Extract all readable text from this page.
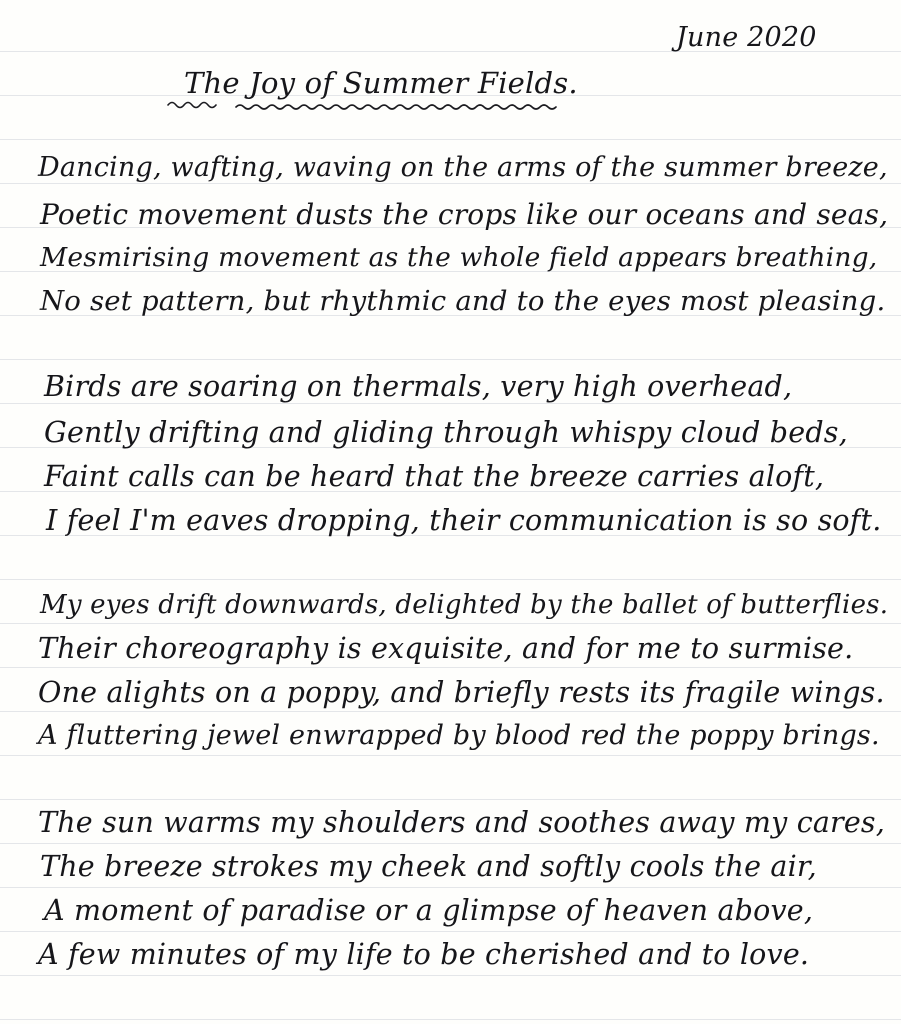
June 2020
The Joy of Summer Fields.
Dancing, wafting, waving on the arms of the summer breeze,
Poetic movement dusts the crops like our oceans and seas,
Mesmirising movement as the whole field appears breathing,
No set pattern, but rhythmic and to the eyes most pleasing.
Birds are soaring on thermals, very high overhead,
Gently drifting and gliding through whispy cloud beds,
Faint calls can be heard that the breeze carries aloft,
I feel I'm eaves dropping, their communication is so soft.
My eyes drift downwards, delighted by the ballet of butterflies.
Their choreography is exquisite, and for me to surmise.
One alights on a poppy, and briefly rests its fragile wings.
A fluttering jewel enwrapped by blood red the poppy brings.
The sun warms my shoulders and soothes away my cares,
The breeze strokes my cheek and softly cools the air,
A moment of paradise or a glimpse of heaven above,
A few minutes of my life to be cherished and to love.
